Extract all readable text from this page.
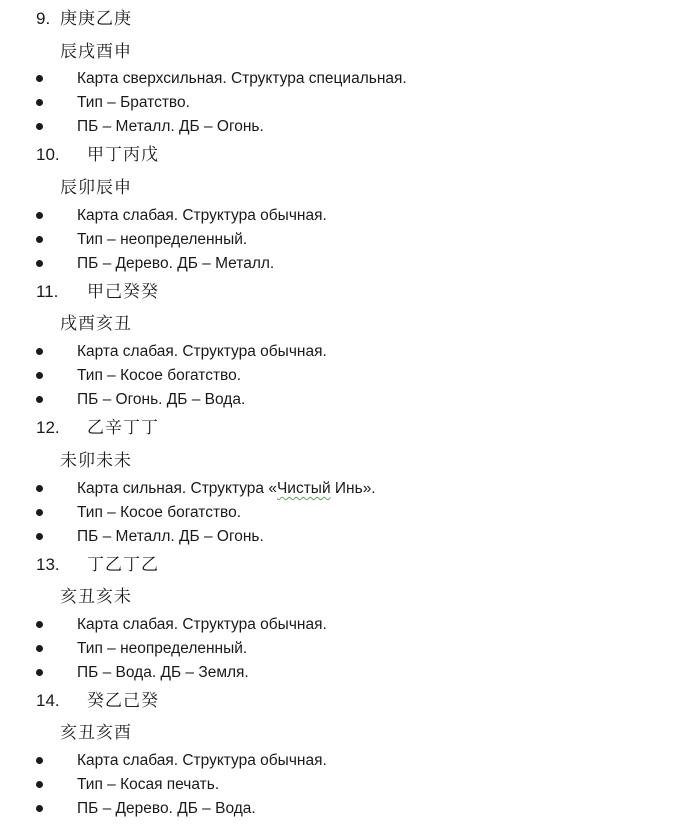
9. 庚庚乙庚
辰戌酉申
Карта сверхсильная. Структура специальная.
Тип – Братство.
ПБ – Металл. ДБ – Огонь.
10. 甲丁丙戊
辰卯辰申
Карта слабая. Структура обычная.
Тип – неопределенный.
ПБ – Дерево. ДБ – Металл.
11. 甲己癸癸
戌酉亥丑
Карта слабая. Структура обычная.
Тип – Косое богатство.
ПБ – Огонь. ДБ – Вода.
12. 乙辛丁丁
未卯未未
Карта сильная. Структура «Чистый Инь».
Тип – Косое богатство.
ПБ – Металл. ДБ – Огонь.
13. 丁乙丁乙
亥丑亥未
Карта слабая. Структура обычная.
Тип – неопределенный.
ПБ – Вода. ДБ – Земля.
14. 癸乙己癸
亥丑亥酉
Карта слабая. Структура обычная.
Тип – Косая печать.
ПБ – Дерево. ДБ – Вода.
